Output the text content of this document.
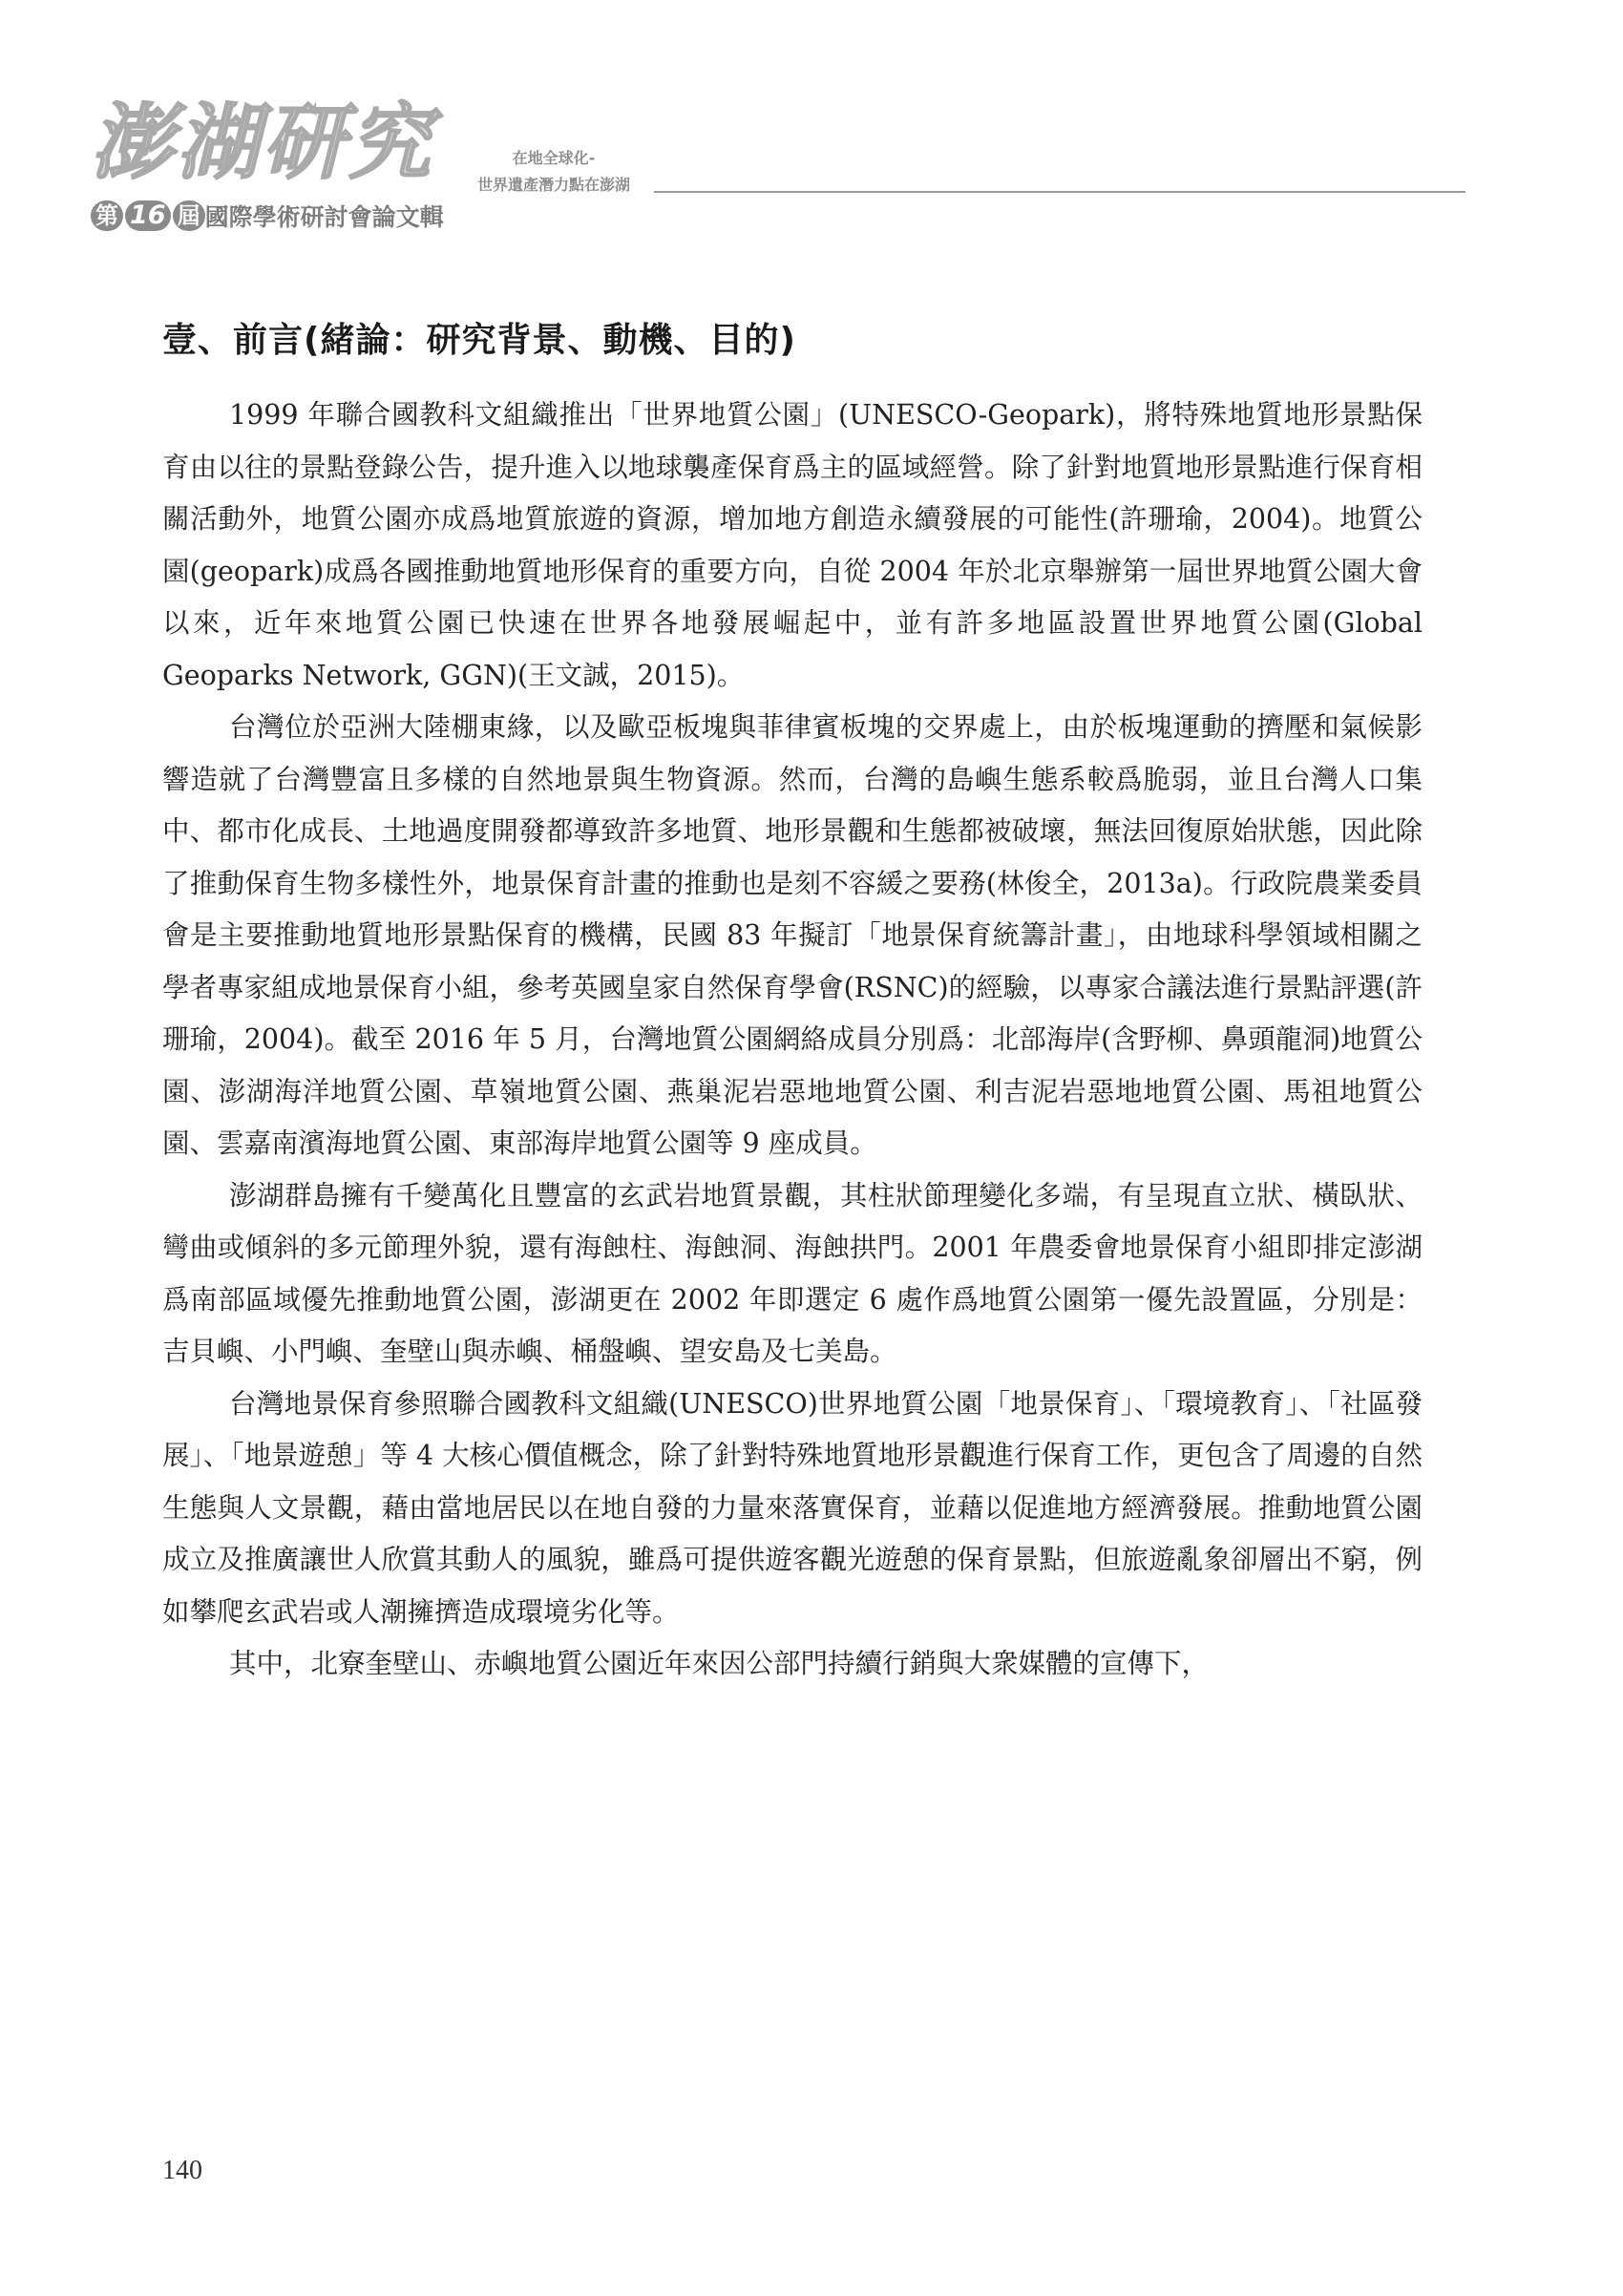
澎湖研究
第 16 屆 國際學術研討會論文輯
在地全球化-
世界遺產潛力點在澎湖
壹、前言(緒論：研究背景、動機、目的)

1999 年聯合國教科文組織推出「世界地質公園」(UNESCO-Geopark)，將特殊地質地形景點保育由以往的景點登錄公告，提升進入以地球襲產保育爲主的區域經營。除了針對地質地形景點進行保育相關活動外，地質公園亦成爲地質旅遊的資源，增加地方創造永續發展的可能性(許珊瑜，2004)。地質公園(geopark)成爲各國推動地質地形保育的重要方向，自從 2004 年於北京舉辦第一屆世界地質公園大會以來，近年來地質公園已快速在世界各地發展崛起中，並有許多地區設置世界地質公園(Global Geoparks Network, GGN)(王文誠，2015)。

台灣位於亞洲大陸棚東緣，以及歐亞板塊與菲律賓板塊的交界處上，由於板塊運動的擠壓和氣候影響造就了台灣豐富且多樣的自然地景與生物資源。然而，台灣的島嶼生態系較爲脆弱，並且台灣人口集中、都市化成長、土地過度開發都導致許多地質、地形景觀和生態都被破壞，無法回復原始狀態，因此除了推動保育生物多樣性外，地景保育計畫的推動也是刻不容緩之要務(林俊全，2013a)。行政院農業委員會是主要推動地質地形景點保育的機構，民國 83 年擬訂「地景保育統籌計畫」，由地球科學領域相關之學者專家組成地景保育小組，參考英國皇家自然保育學會(RSNC)的經驗，以專家合議法進行景點評選(許珊瑜，2004)。截至 2016 年 5 月，台灣地質公園網絡成員分別爲：北部海岸(含野柳、鼻頭龍洞)地質公園、澎湖海洋地質公園、草嶺地質公園、燕巢泥岩惡地地質公園、利吉泥岩惡地地質公園、馬祖地質公園、雲嘉南濱海地質公園、東部海岸地質公園等 9 座成員。

澎湖群島擁有千變萬化且豐富的玄武岩地質景觀，其柱狀節理變化多端，有呈現直立狀、橫臥狀、彎曲或傾斜的多元節理外貌，還有海蝕柱、海蝕洞、海蝕拱門。2001 年農委會地景保育小組即排定澎湖爲南部區域優先推動地質公園，澎湖更在 2002 年即選定 6 處作爲地質公園第一優先設置區，分別是：吉貝嶼、小門嶼、奎壁山與赤嶼、桶盤嶼、望安島及七美島。

台灣地景保育參照聯合國教科文組織(UNESCO)世界地質公園「地景保育」、「環境教育」、「社區發展」、「地景遊憩」等 4 大核心價值概念，除了針對特殊地質地形景觀進行保育工作，更包含了周邊的自然生態與人文景觀，藉由當地居民以在地自發的力量來落實保育，並藉以促進地方經濟發展。推動地質公園成立及推廣讓世人欣賞其動人的風貌，雖爲可提供遊客觀光遊憩的保育景點，但旅遊亂象卻層出不窮，例如攀爬玄武岩或人潮擁擠造成環境劣化等。

其中，北寮奎壁山、赤嶼地質公園近年來因公部門持續行銷與大衆媒體的宣傳下，

140
